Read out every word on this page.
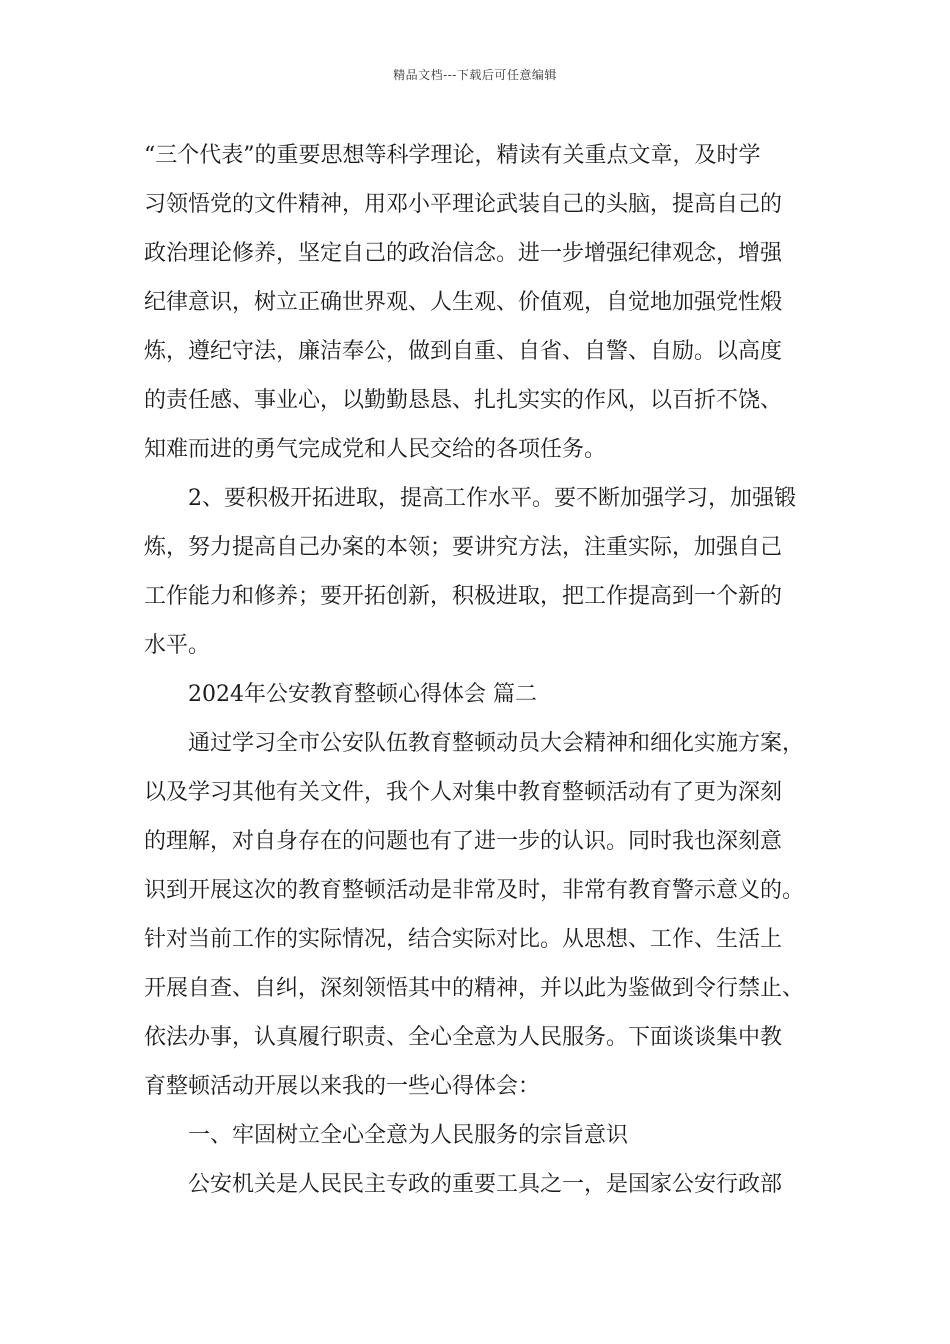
精品文档---下载后可任意编辑
“三个代表”的重要思想等科学理论，精读有关重点文章，及时学
习领悟党的文件精神，用邓小平理论武装自己的头脑，提高自己的
政治理论修养，坚定自己的政治信念。进一步增强纪律观念，增强
纪律意识，树立正确世界观、人生观、价值观，自觉地加强党性煅
炼，遵纪守法，廉洁奉公，做到自重、自省、自警、自励。以高度
的责任感、事业心，以勤勤恳恳、扎扎实实的作风，以百折不饶、
知难而进的勇气完成党和人民交给的各项任务。
2、要积极开拓进取，提高工作水平。要不断加强学习，加强锻
炼，努力提高自己办案的本领；要讲究方法，注重实际，加强自己
工作能力和修养；要开拓创新，积极进取，把工作提高到一个新的
水平。
2024年公安教育整顿心得体会 篇二
通过学习全市公安队伍教育整顿动员大会精神和细化实施方案，
以及学习其他有关文件，我个人对集中教育整顿活动有了更为深刻
的理解，对自身存在的问题也有了进一步的认识。同时我也深刻意
识到开展这次的教育整顿活动是非常及时，非常有教育警示意义的。
针对当前工作的实际情况，结合实际对比。从思想、工作、生活上
开展自查、自纠，深刻领悟其中的精神，并以此为鉴做到令行禁止、
依法办事，认真履行职责、全心全意为人民服务。下面谈谈集中教
育整顿活动开展以来我的一些心得体会：
一、牢固树立全心全意为人民服务的宗旨意识
公安机关是人民民主专政的重要工具之一，是国家公安行政部
